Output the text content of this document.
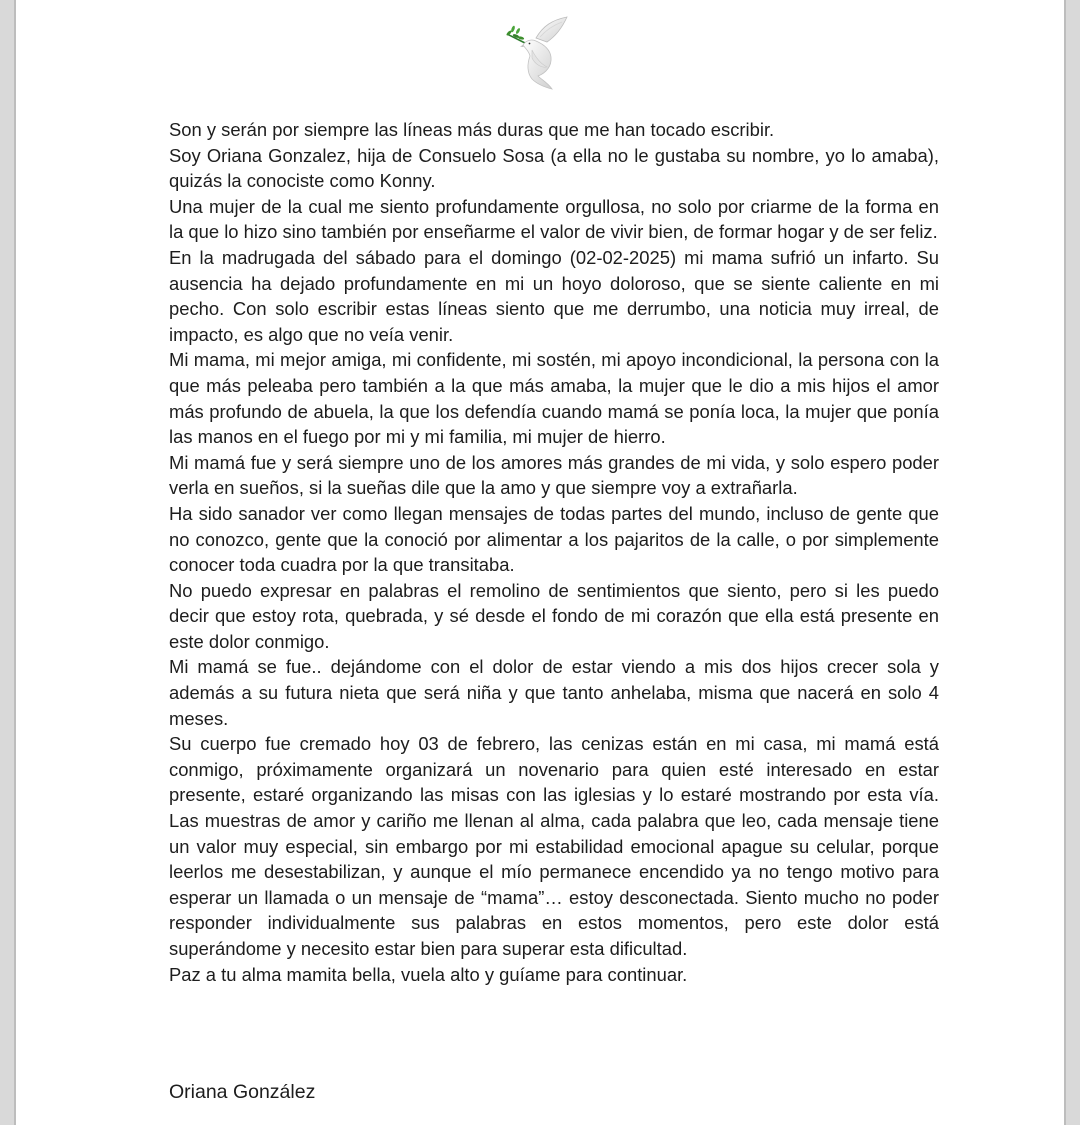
Son y serán por siempre las líneas más duras que me han tocado escribir.

Soy Oriana Gonzalez, hija de Consuelo Sosa (a ella no le gustaba su nombre, yo lo amaba), quizás la conociste como Konny.

Una mujer de la cual me siento profundamente orgullosa, no solo por criarme de la forma en la que lo hizo sino también por enseñarme el valor de vivir bien, de formar hogar y de ser feliz.

En la madrugada del sábado para el domingo (02-02-2025) mi mama sufrió un infarto. Su ausencia ha dejado profundamente en mi un hoyo doloroso, que se siente caliente en mi pecho. Con solo escribir estas líneas siento que me derrumbo, una noticia muy irreal, de impacto, es algo que no veía venir.

Mi mama, mi mejor amiga, mi confidente, mi sostén, mi apoyo incondicional, la persona con la que más peleaba pero también a la que más amaba, la mujer que le dio a mis hijos el amor más profundo de abuela, la que los defendía cuando mamá se ponía loca, la mujer que ponía las manos en el fuego por mi y mi familia, mi mujer de hierro.

Mi mamá fue y será siempre uno de los amores más grandes de mi vida, y solo espero poder verla en sueños, si la sueñas dile que la amo y que siempre voy a extrañarla.

Ha sido sanador ver como llegan mensajes de todas partes del mundo, incluso de gente que no conozco, gente que la conoció por alimentar a los pajaritos de la calle, o por simplemente conocer toda cuadra por la que transitaba.

No puedo expresar en palabras el remolino de sentimientos que siento, pero si les puedo decir que estoy rota, quebrada, y sé desde el fondo de mi corazón que ella está presente en este dolor conmigo.

Mi mamá se fue.. dejándome con el dolor de estar viendo a mis dos hijos crecer sola y además a su futura nieta que será niña y que tanto anhelaba, misma que nacerá en solo 4 meses.

Su cuerpo fue cremado hoy 03 de febrero, las cenizas están en mi casa, mi mamá está conmigo, próximamente organizará un novenario para quien esté interesado en estar presente, estaré organizando las misas con las iglesias y lo estaré mostrando por esta vía. Las muestras de amor y cariño me llenan al alma, cada palabra que leo, cada mensaje tiene un valor muy especial, sin embargo por mi estabilidad emocional apague su celular, porque leerlos me desestabilizan, y aunque el mío permanece encendido ya no tengo motivo para esperar un llamada o un mensaje de “mama”… estoy desconectada. Siento mucho no poder responder individualmente sus palabras en estos momentos, pero este dolor está superándome y necesito estar bien para superar esta dificultad.

Paz a tu alma mamita bella, vuela alto y guíame para continuar.

Oriana González
